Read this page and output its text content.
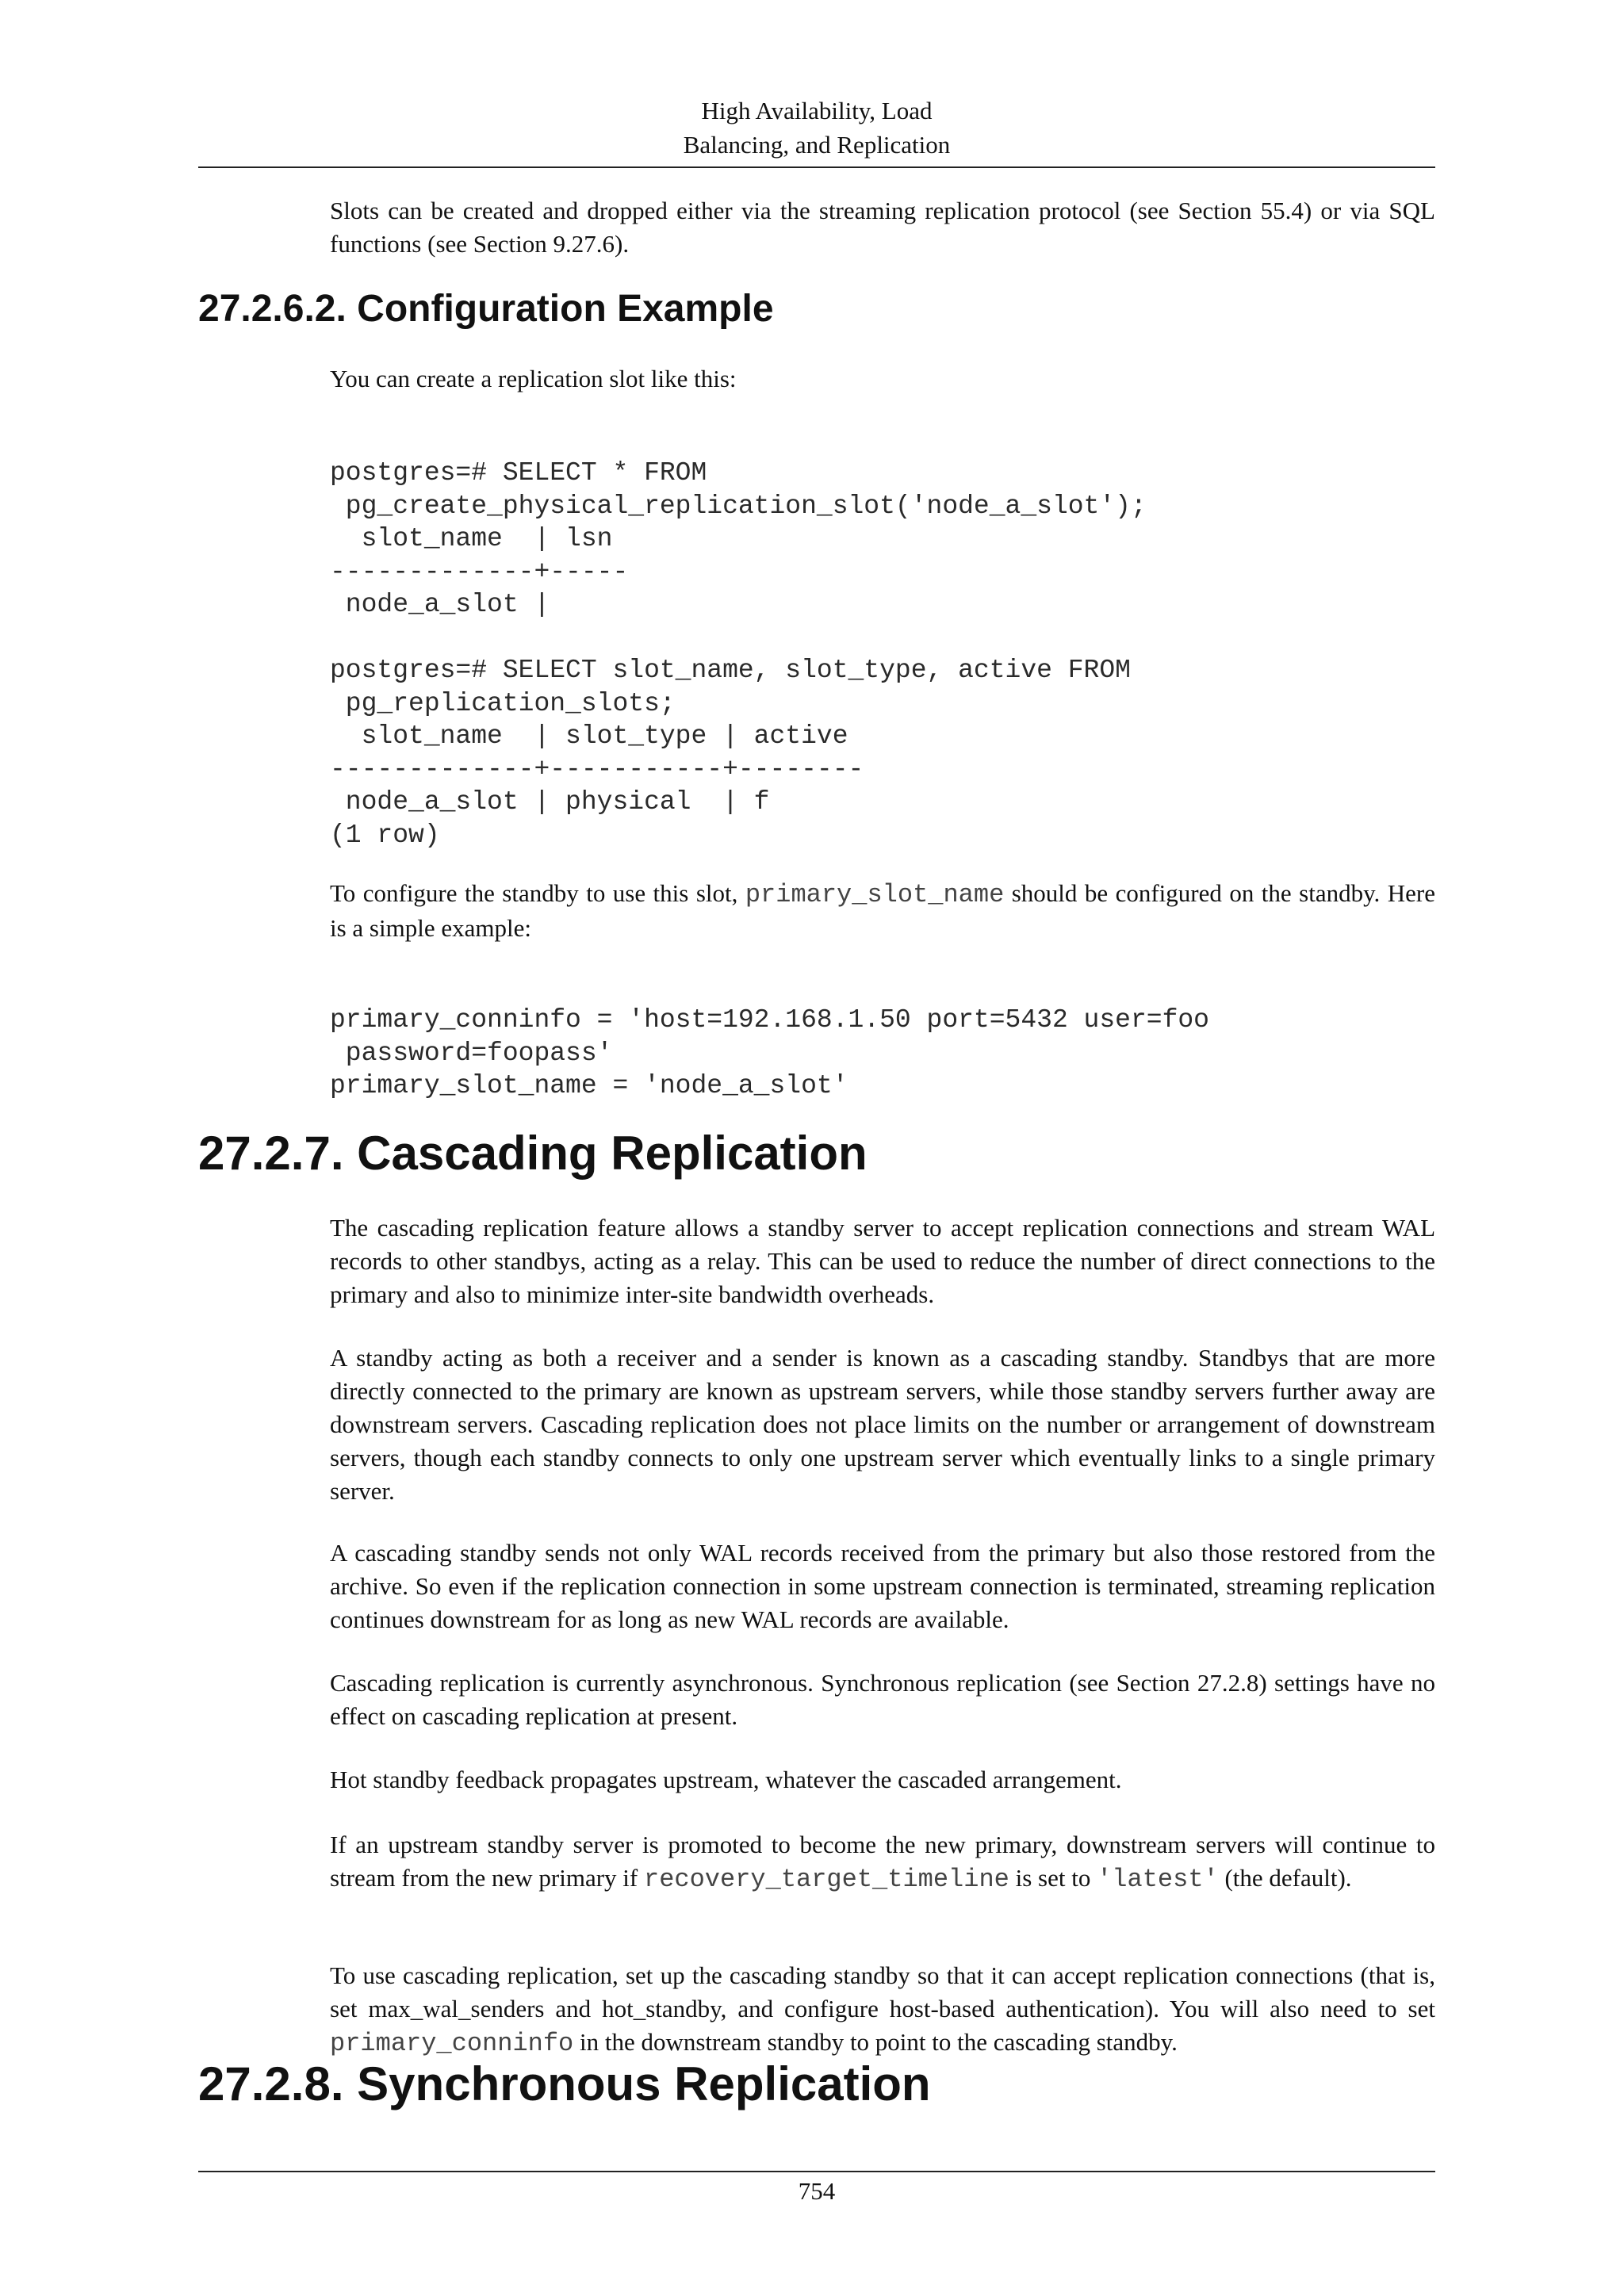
High Availability, Load
Balancing, and Replication

Slots can be created and dropped either via the streaming replication protocol (see Section 55.4) or via SQL functions (see Section 9.27.6).

27.2.6.2. Configuration Example

You can create a replication slot like this:

postgres=# SELECT * FROM
pg_create_physical_replication_slot('node_a_slot');
slot_name  | lsn
-------------+-----
node_a_slot |

postgres=# SELECT slot_name, slot_type, active FROM
pg_replication_slots;
slot_name  | slot_type | active
-------------+-----------+--------
node_a_slot | physical  | f
(1 row)

To configure the standby to use this slot, primary_slot_name should be configured on the standby. Here is a simple example:

primary_conninfo = 'host=192.168.1.50 port=5432 user=foo
password=foopass'
primary_slot_name = 'node_a_slot'
27.2.7. Cascading Replication

The cascading replication feature allows a standby server to accept replication connections and stream WAL records to other standbys, acting as a relay. This can be used to reduce the number of direct connections to the primary and also to minimize inter-site bandwidth overheads.

A standby acting as both a receiver and a sender is known as a cascading standby. Standbys that are more directly connected to the primary are known as upstream servers, while those standby servers further away are downstream servers. Cascading replication does not place limits on the number or arrangement of downstream servers, though each standby connects to only one upstream server which eventually links to a single primary server.

A cascading standby sends not only WAL records received from the primary but also those restored from the archive. So even if the replication connection in some upstream connection is terminated, streaming replication continues downstream for as long as new WAL records are available.

Cascading replication is currently asynchronous. Synchronous replication (see Section 27.2.8) settings have no effect on cascading replication at present.

Hot standby feedback propagates upstream, whatever the cascaded arrangement.

If an upstream standby server is promoted to become the new primary, downstream servers will continue to stream from the new primary if recovery_target_timeline is set to 'latest' (the default).

To use cascading replication, set up the cascading standby so that it can accept replication connections (that is, set max_wal_senders and hot_standby, and configure host-based authentication). You will also need to set primary_conninfo in the downstream standby to point to the cascading standby.

27.2.8. Synchronous Replication
754
